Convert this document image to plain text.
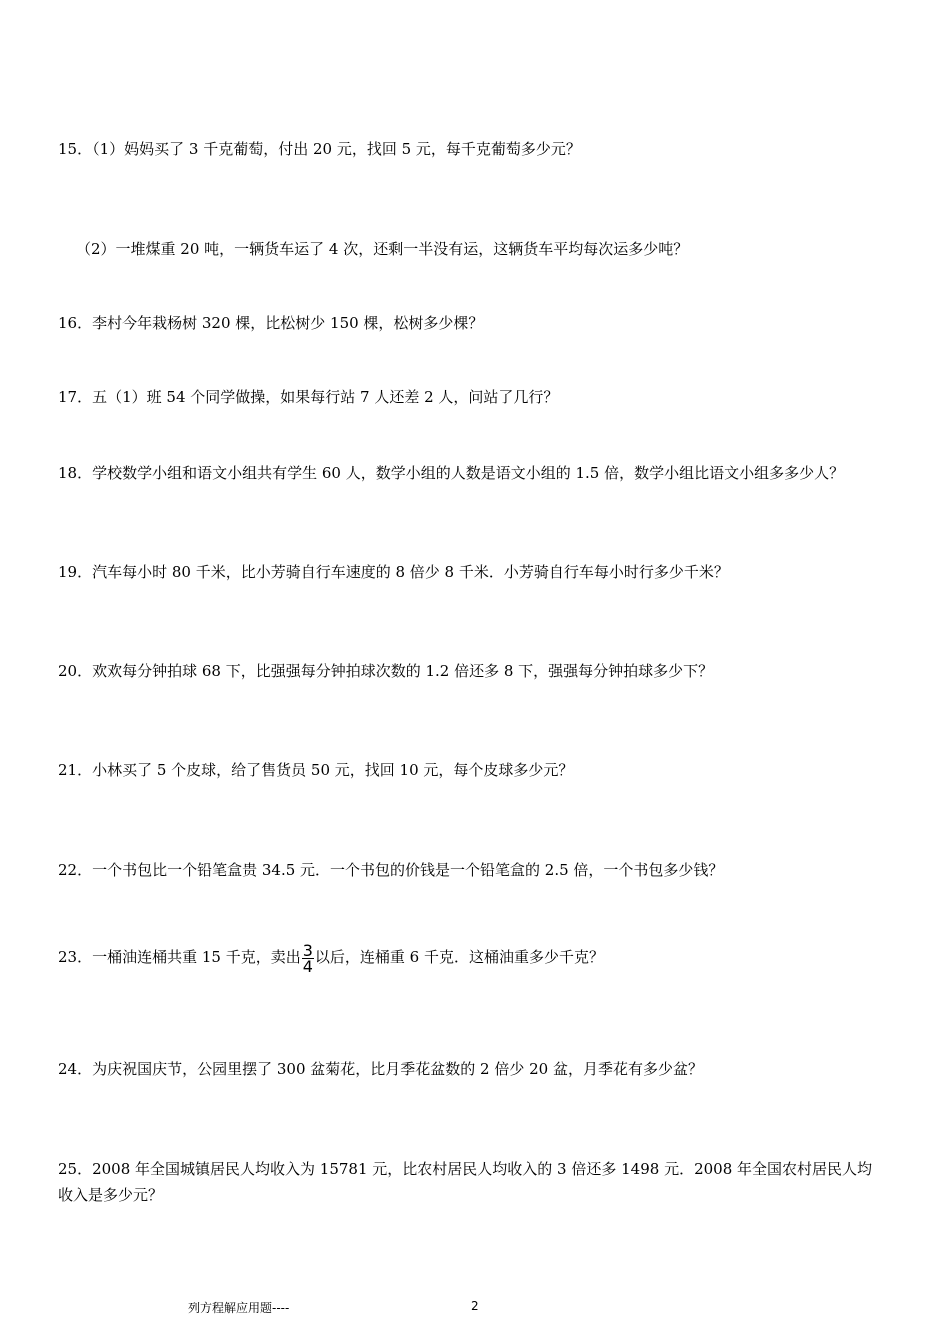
15．（1）妈妈买了 3 千克葡萄，付出 20 元，找回 5 元，每千克葡萄多少元？

（2）一堆煤重 20 吨，一辆货车运了 4 次，还剩一半没有运，这辆货车平均每次运多少吨？

16．李村今年栽杨树 320 棵，比松树少 150 棵，松树多少棵？

17．五（1）班 54 个同学做操，如果每行站 7 人还差 2 人，问站了几行？

18．学校数学小组和语文小组共有学生 60 人，数学小组的人数是语文小组的 1.5 倍，数学小组比语文小组多多少人？

19．汽车每小时 80 千米，比小芳骑自行车速度的 8 倍少 8 千米．小芳骑自行车每小时行多少千米？

20．欢欢每分钟拍球 68 下，比强强每分钟拍球次数的 1.2 倍还多 8 下，强强每分钟拍球多少下？

21．小林买了 5 个皮球，给了售货员 50 元，找回 10 元，每个皮球多少元？

22．一个书包比一个铅笔盒贵 34.5 元．一个书包的价钱是一个铅笔盒的 2.5 倍，一个书包多少钱？

23．一桶油连桶共重 15 千克，卖出 $\frac{3}{4}$ 以后，连桶重 6 千克．这桶油重多少千克？

24．为庆祝国庆节，公园里摆了 300 盆菊花，比月季花盆数的 2 倍少 20 盆，月季花有多少盆？

25．2008 年全国城镇居民人均收入为 15781 元，比农村居民人均收入的 3 倍还多 1498 元．2008 年全国农村居民人均

收入是多少元？

列方程解应用题----	2
